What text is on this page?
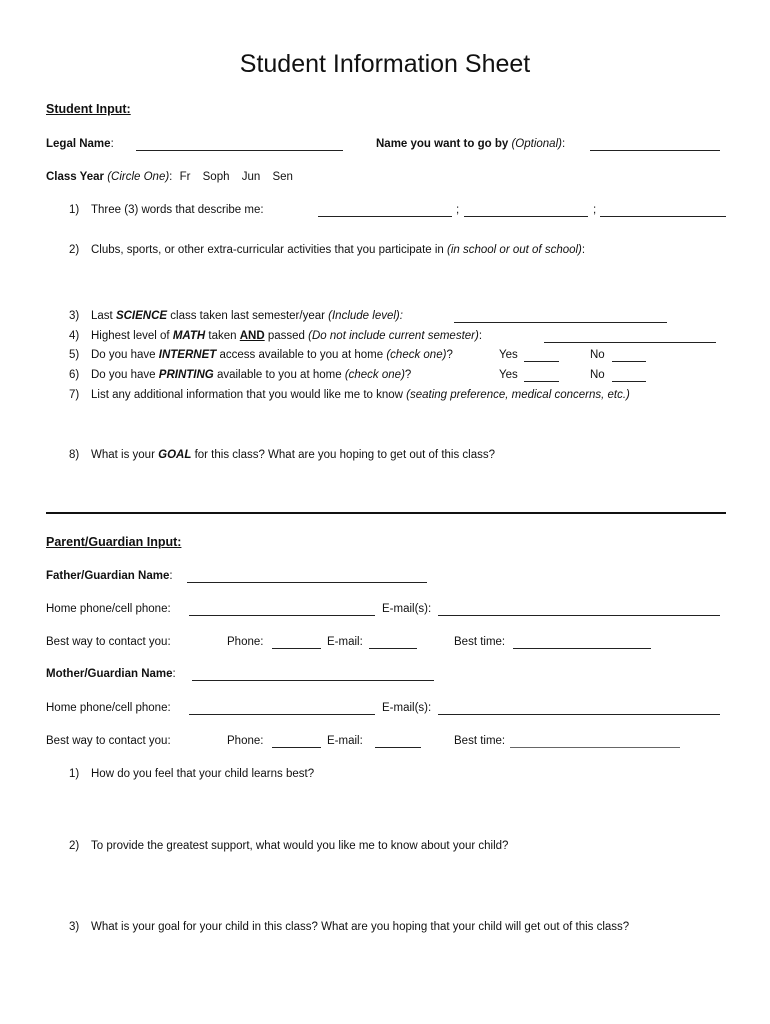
Student Information Sheet
Student Input:
Legal Name:	Name you want to go by (Optional):
Class Year (Circle One): Fr Soph Jun Sen
1) Three (3) words that describe me:	;	;
2) Clubs, sports, or other extra-curricular activities that you participate in (in school or out of school):
3) Last SCIENCE class taken last semester/year (Include level):
4) Highest level of MATH taken AND passed (Do not include current semester):
5) Do you have INTERNET access available to you at home (check one)?	Yes	No
6) Do you have PRINTING available to you at home (check one)?	Yes	No
7) List any additional information that you would like me to know (seating preference, medical concerns, etc.)
8) What is your GOAL for this class? What are you hoping to get out of this class?
Parent/Guardian Input:
Father/Guardian Name:
Home phone/cell phone:	E-mail(s):
Best way to contact you:	Phone:	E-mail:	Best time:
Mother/Guardian Name:
Home phone/cell phone:	E-mail(s):
Best way to contact you:	Phone:	E-mail:	Best time:
1) How do you feel that your child learns best?
2) To provide the greatest support, what would you like me to know about your child?
3) What is your goal for your child in this class? What are you hoping that your child will get out of this class?
